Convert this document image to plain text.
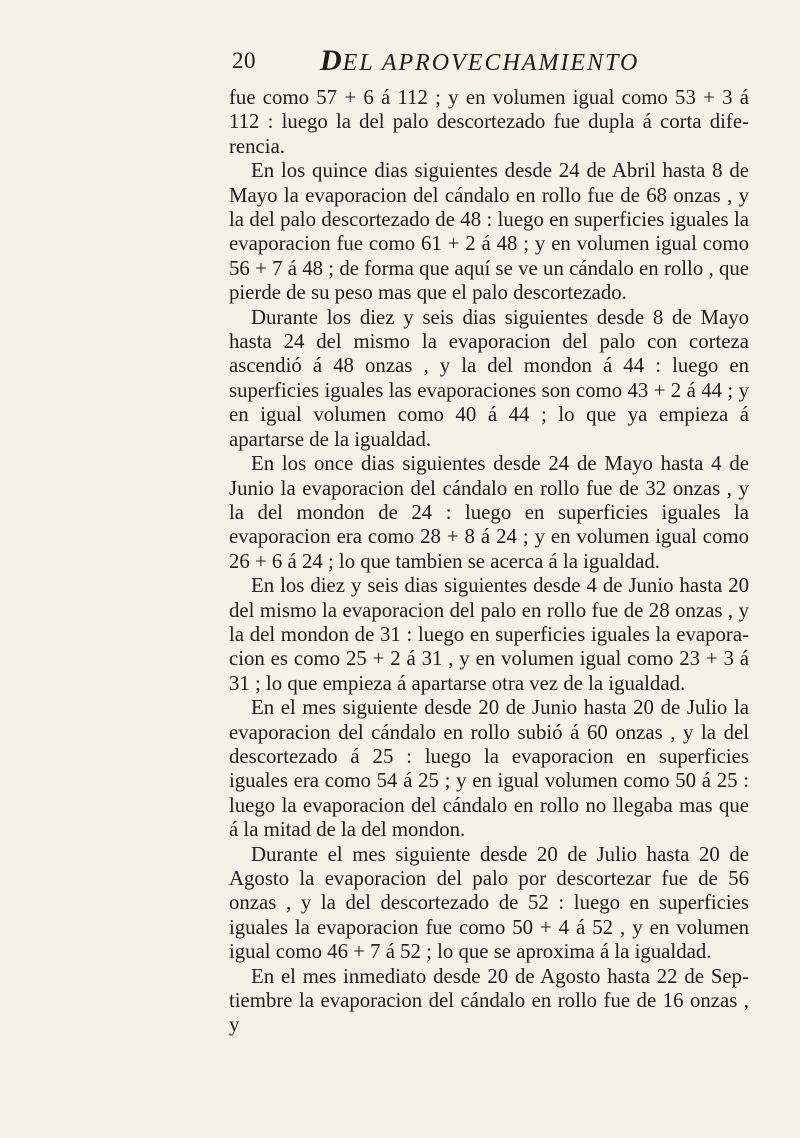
20 DEL APROVECHAMIENTO

fue como 57 + 6 á 112 ; y en volumen igual como 53 + 3 á 112 : luego la del palo descortezado fue dupla á corta diferencia.

En los quince dias siguientes desde 24 de Abril hasta 8 de Mayo la evaporacion del cándalo en rollo fue de 68 onzas , y la del palo descortezado de 48 : luego en superficies iguales la evaporacion fue como 61 + 2 á 48 ; y en volumen igual como 56 + 7 á 48 ; de forma que aquí se ve un cándalo en rollo , que pierde de su peso mas que el palo descortezado.

Durante los diez y seis dias siguientes desde 8 de Mayo hasta 24 del mismo la evaporacion del palo con corteza ascendió á 48 onzas , y la del mondon á 44 : luego en superficies iguales las evaporaciones son como 43 + 2 á 44 ; y en igual volumen como 40 á 44 ; lo que ya empieza á apartarse de la igualdad.

En los once dias siguientes desde 24 de Mayo hasta 4 de Junio la evaporacion del cándalo en rollo fue de 32 onzas , y la del mondon de 24 : luego en superficies iguales la evaporacion era como 28 + 8 á 24 ; y en volumen igual como 26 + 6 á 24 ; lo que tambien se acerca á la igualdad.

En los diez y seis dias siguientes desde 4 de Junio hasta 20 del mismo la evaporacion del palo en rollo fue de 28 onzas , y la del mondon de 31 : luego en superficies iguales la evaporacion es como 25 + 2 á 31 , y en volumen igual como 23 + 3 á 31 ; lo que empieza á apartarse otra vez de la igualdad.

En el mes siguiente desde 20 de Junio hasta 20 de Julio la evaporacion del cándalo en rollo subió á 60 onzas , y la del descortezado á 25 : luego la evaporacion en superficies iguales era como 54 á 25 ; y en igual volumen como 50 á 25 : luego la evaporacion del cándalo en rollo no llegaba mas que á la mitad de la del mondon.

Durante el mes siguiente desde 20 de Julio hasta 20 de Agosto la evaporacion del palo por descortezar fue de 56 onzas , y la del descortezado de 52 : luego en superficies iguales la evaporacion fue como 50 + 4 á 52 , y en volumen igual como 46 + 7 á 52 ; lo que se aproxima á la igualdad.

En el mes inmediato desde 20 de Agosto hasta 22 de Septiembre la evaporacion del cándalo en rollo fue de 16 onzas , y
